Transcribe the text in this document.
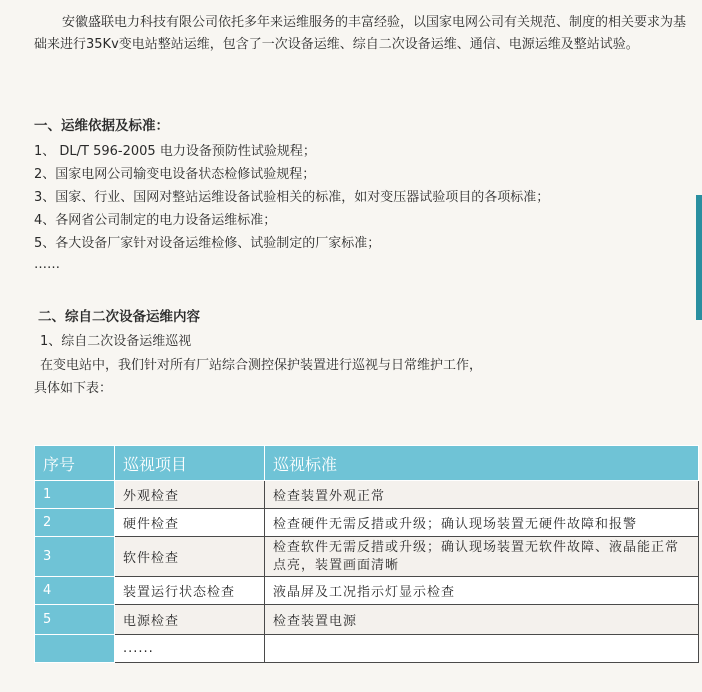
安徽盛联电力科技有限公司依托多年来运维服务的丰富经验，以国家电网公司有关规范、制度的相关要求为基础来进行35Kv变电站整站运维，包含了一次设备运维、综自二次设备运维、通信、电源运维及整站试验。
一、运维依据及标准：
1、 DL/T 596-2005 电力设备预防性试验规程；
2、国家电网公司输变电设备状态检修试验规程；
3、国家、行业、国网对整站运维设备试验相关的标准，如对变压器试验项目的各项标准；
4、各网省公司制定的电力设备运维标准；
5、各大设备厂家针对设备运维检修、试验制定的厂家标准；
……
二、综自二次设备运维内容
1、综自二次设备运维巡视
在变电站中，我们针对所有厂站综合测控保护装置进行巡视与日常维护工作，
具体如下表：
序号	巡视项目	巡视标准
1	外观检查	检查装置外观正常
2	硬件检查	检查硬件无需反措或升级；确认现场装置无硬件故障和报警
3	软件检查	检查软件无需反措或升级；确认现场装置无软件故障、液晶能正常点亮，装置画面清晰
4	装置运行状态检查	液晶屏及工况指示灯显示检查
5	电源检查	检查装置电源
	......	
